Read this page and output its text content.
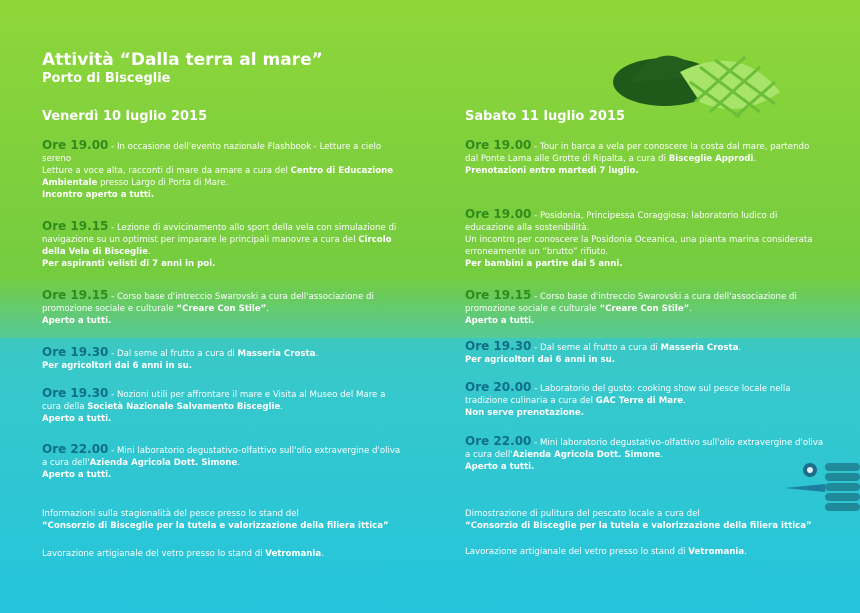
Attività “Dalla terra al mare”
Porto di Bisceglie
Venerdì 10 luglio 2015
Ore 19.00 - In occasione dell'evento nazionale Flashbook - Letture a cielo sereno
Letture a voce alta, racconti di mare da amare a cura del Centro di Educazione Ambientale presso Largo di Porta di Mare.
Incontro aperto a tutti.
Ore 19.15 - Lezione di avvicinamento allo sport della vela con simulazione di navigazione su un optimist per imparare le principali manovre a cura del Circolo della Vela di Bisceglie.
Per aspiranti velisti di 7 anni in poi.
Ore 19.15 - Corso base d'intreccio Swarovski a cura dell'associazione di promozione sociale e culturale “Creare Con Stile”.
Aperto a tutti.
Ore 19.30 - Dal seme al frutto a cura di Masseria Crosta.
Per agricoltori dai 6 anni in su.
Ore 19.30 - Nozioni utili per affrontare il mare e Visita al Museo del Mare a cura della Società Nazionale Salvamento Bisceglie.
Aperto a tutti.
Ore 22.00 - Mini laboratorio degustativo-olfattivo sull'olio extravergine d'oliva a cura dell'Azienda Agricola Dott. Simone.
Aperto a tutti.
Informazioni sulla stagionalità del pesce presso lo stand del
“Consorzio di Bisceglie per la tutela e valorizzazione della filiera ittica”
Lavorazione artigianale del vetro presso lo stand di Vetromania.
Sabato 11 luglio 2015
Ore 19.00 - Tour in barca a vela per conoscere la costa dal mare, partendo dal Ponte Lama alle Grotte di Ripalta, a cura di Bisceglie Approdi.
Prenotazioni entro martedì 7 luglio.
Ore 19.00 - Posidonia, Principessa Coraggiosa: laboratorio ludico di educazione alla sostenibilità.
Un incontro per conoscere la Posidonia Oceanica, una pianta marina considerata erroneamente un “brutto” rifiuto.
Per bambini a partire dai 5 anni.
Ore 19.15 - Corso base d'intreccio Swarovski a cura dell'associazione di promozione sociale e culturale “Creare Con Stile”.
Aperto a tutti.
Ore 19.30 - Dal seme al frutto a cura di Masseria Crosta.
Per agricoltori dai 6 anni in su.
Ore 20.00 - Laboratorio del gusto: cooking show sul pesce locale nella tradizione culinaria a cura del GAC Terre di Mare.
Non serve prenotazione.
Ore 22.00 - Mini laboratorio degustativo-olfattivo sull'olio extravergine d'oliva a cura dell'Azienda Agricola Dott. Simone.
Aperto a tutti.
Dimostrazione di pulitura del pescato locale a cura del
“Consorzio di Bisceglie per la tutela e valorizzazione della filiera ittica”
Lavorazione artigianale del vetro presso lo stand di Vetromania.
